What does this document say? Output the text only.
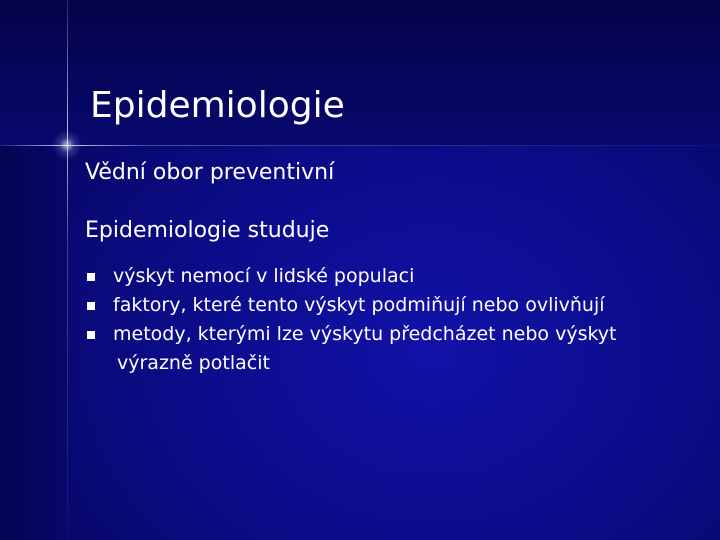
Epidemiologie

Vědní obor preventivní

Epidemiologie studuje

výskyt nemocí v lidské populaci
faktory, které tento výskyt podmiňují nebo ovlivňují
metody, kterými lze výskytu předcházet nebo výskyt
výrazně potlačit
